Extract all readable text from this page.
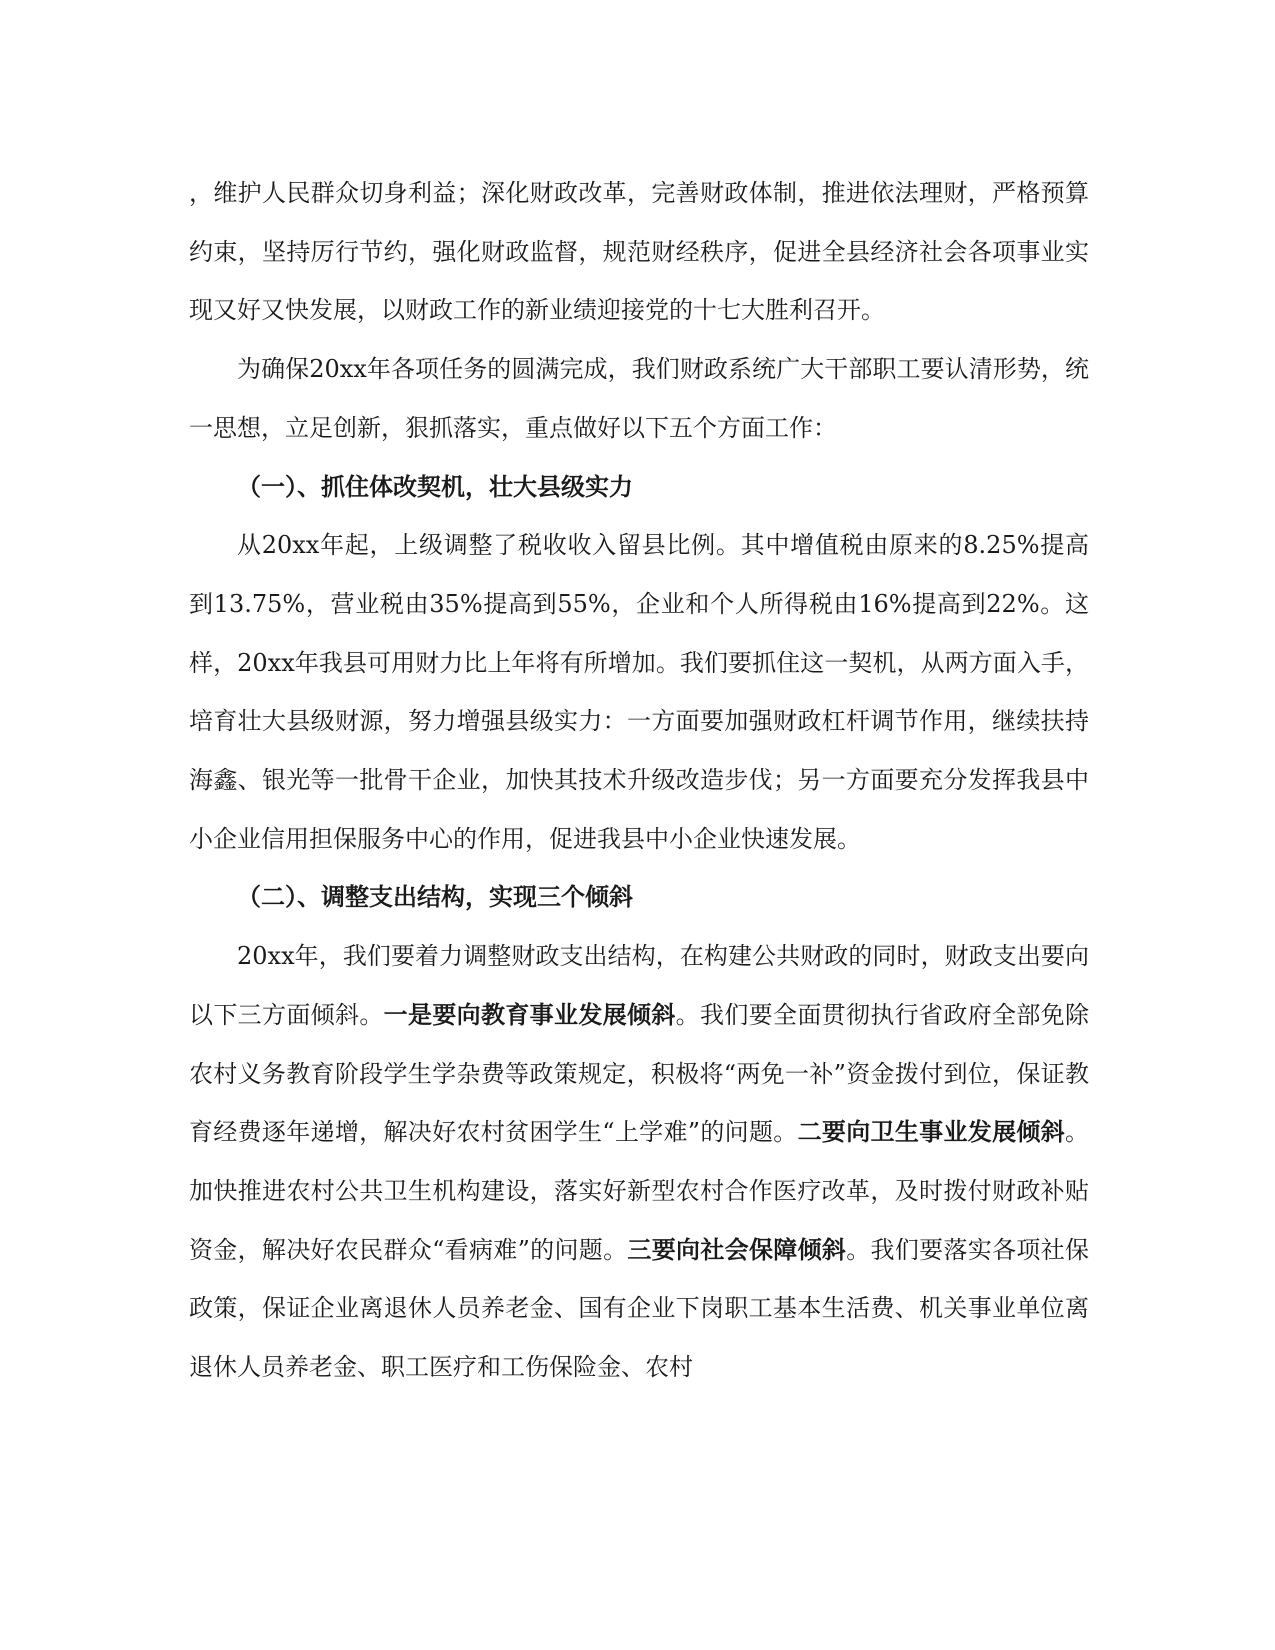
，维护人民群众切身利益；深化财政改革，完善财政体制，推进依法理财，严格预算约束，坚持厉行节约，强化财政监督，规范财经秩序，促进全县经济社会各项事业实现又好又快发展，以财政工作的新业绩迎接党的十七大胜利召开。

为确保20xx年各项任务的圆满完成，我们财政系统广大干部职工要认清形势，统一思想，立足创新，狠抓落实，重点做好以下五个方面工作：

（一）、抓住体改契机，壮大县级实力

从20xx年起，上级调整了税收收入留县比例。其中增值税由原来的8.25%提高到13.75%，营业税由35%提高到55%，企业和个人所得税由16%提高到22%。这样，20xx年我县可用财力比上年将有所增加。我们要抓住这一契机，从两方面入手，培育壮大县级财源，努力增强县级实力：一方面要加强财政杠杆调节作用，继续扶持海鑫、银光等一批骨干企业，加快其技术升级改造步伐；另一方面要充分发挥我县中小企业信用担保服务中心的作用，促进我县中小企业快速发展。

（二）、调整支出结构，实现三个倾斜

20xx年，我们要着力调整财政支出结构，在构建公共财政的同时，财政支出要向以下三方面倾斜。一是要向教育事业发展倾斜。我们要全面贯彻执行省政府全部免除农村义务教育阶段学生学杂费等政策规定，积极将“两免一补”资金拨付到位，保证教育经费逐年递增，解决好农村贫困学生“上学难”的问题。二要向卫生事业发展倾斜。加快推进农村公共卫生机构建设，落实好新型农村合作医疗改革，及时拨付财政补贴资金，解决好农民群众“看病难”的问题。三要向社会保障倾斜。我们要落实各项社保政策，保证企业离退休人员养老金、国有企业下岗职工基本生活费、机关事业单位离退休人员养老金、职工医疗和工伤保险金、农村
